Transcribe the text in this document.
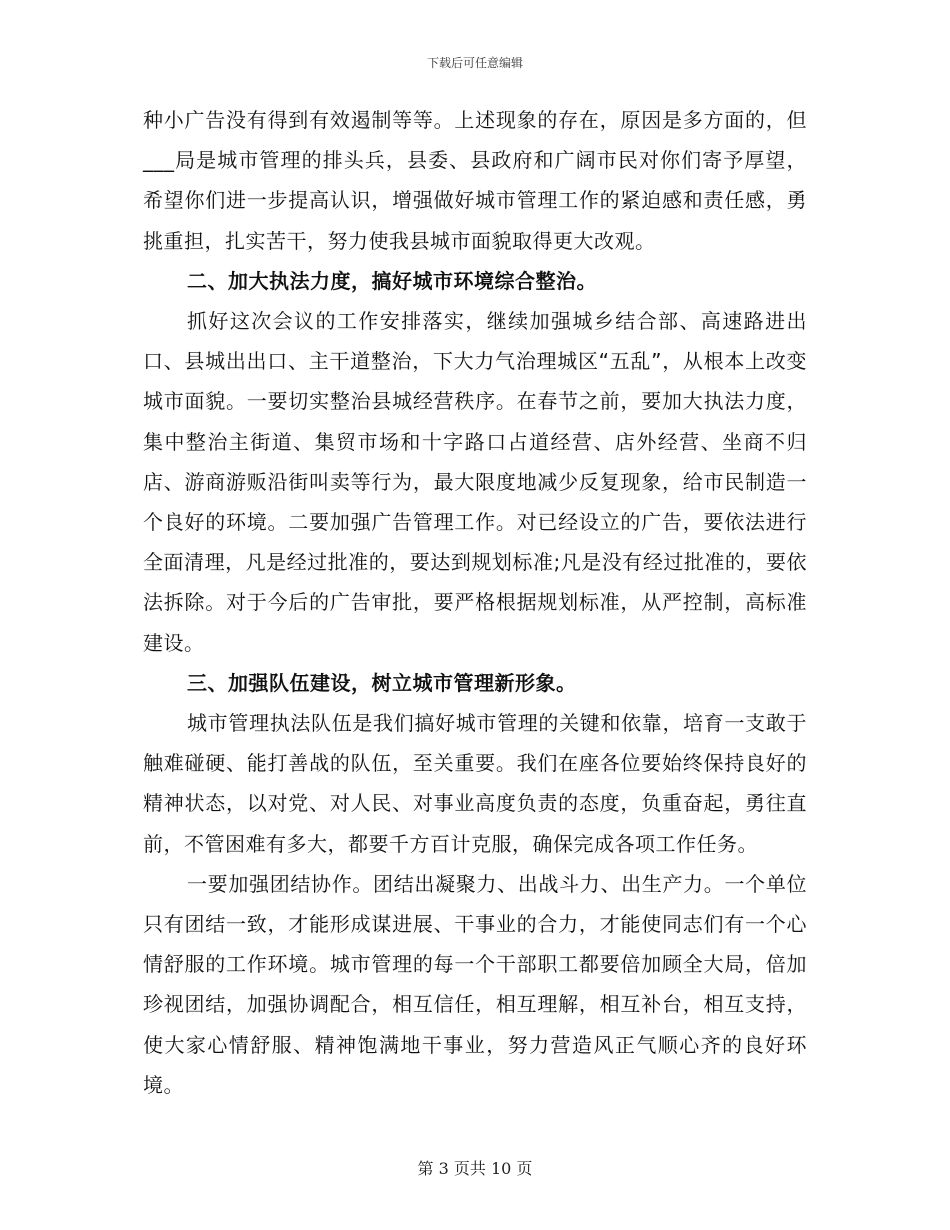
下载后可任意编辑

种小广告没有得到有效遏制等等。上述现象的存在，原因是多方面的，但___局是城市管理的排头兵，县委、县政府和广阔市民对你们寄予厚望，希望你们进一步提高认识，增强做好城市管理工作的紧迫感和责任感，勇挑重担，扎实苦干，努力使我县城市面貌取得更大改观。

二、加大执法力度，搞好城市环境综合整治。

抓好这次会议的工作安排落实，继续加强城乡结合部、高速路进出口、县城出出口、主干道整治，下大力气治理城区“五乱”，从根本上改变城市面貌。一要切实整治县城经营秩序。在春节之前，要加大执法力度，集中整治主街道、集贸市场和十字路口占道经营、店外经营、坐商不归店、游商游贩沿街叫卖等行为，最大限度地减少反复现象，给市民制造一个良好的环境。二要加强广告管理工作。对已经设立的广告，要依法进行全面清理，凡是经过批准的，要达到规划标准;凡是没有经过批准的，要依法拆除。对于今后的广告审批，要严格根据规划标准，从严控制，高标准建设。

三、加强队伍建设，树立城市管理新形象。

城市管理执法队伍是我们搞好城市管理的关键和依靠，培育一支敢于触难碰硬、能打善战的队伍，至关重要。我们在座各位要始终保持良好的精神状态，以对党、对人民、对事业高度负责的态度，负重奋起，勇往直前，不管困难有多大，都要千方百计克服，确保完成各项工作任务。

一要加强团结协作。团结出凝聚力、出战斗力、出生产力。一个单位只有团结一致，才能形成谋进展、干事业的合力，才能使同志们有一个心情舒服的工作环境。城市管理的每一个干部职工都要倍加顾全大局，倍加珍视团结，加强协调配合，相互信任，相互理解，相互补台，相互支持，使大家心情舒服、精神饱满地干事业，努力营造风正气顺心齐的良好环境。

第 3 页共 10 页
